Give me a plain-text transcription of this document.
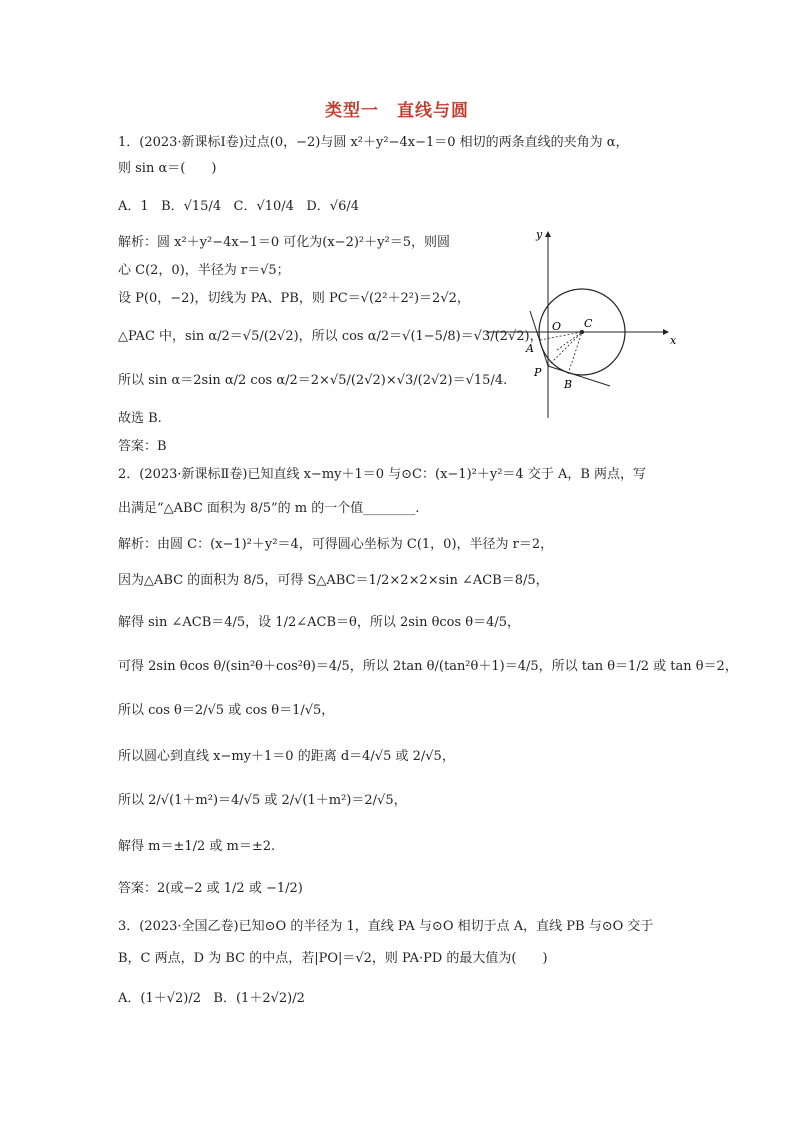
类型一　直线与圆
1．(2023·新课标Ⅰ卷)过点(0，−2)与圆 x²＋y²−4x−1＝0 相切的两条直线的夹角为 α，
则 sin α＝(　　)
A．1 B．√15/4 C．√10/4 D．√6/4
解析：圆 x²＋y²−4x−1＝0 可化为(x−2)²＋y²＝5，则圆
心 C(2，0)，半径为 r＝√5；
设 P(0，−2)，切线为 PA、PB，则 PC＝√(2²＋2²)＝2√2，
△PAC 中，sin α/2＝√5/(2√2)，所以 cos α/2＝√(1−5/8)＝√3/(2√2)，
所以 sin α＝2sin α/2 cos α/2＝2×√5/(2√2)×√3/(2√2)＝√15/4.
故选 B.
答案：B
x
y
O C
A
B
P
2．(2023·新课标Ⅱ卷)已知直线 x−my＋1＝0 与⊙C：(x−1)²＋y²＝4 交于 A，B 两点，写
出满足“△ABC 面积为 8/5”的 m 的一个值________.
解析：由圆 C：(x−1)²＋y²＝4，可得圆心坐标为 C(1，0)，半径为 r＝2，
因为△ABC 的面积为 8/5，可得 S△ABC＝1/2×2×2×sin ∠ACB＝8/5，
解得 sin ∠ACB＝4/5，设 1/2∠ACB＝θ，所以 2sin θcos θ＝4/5，
可得 2sin θcos θ/(sin²θ＋cos²θ)＝4/5，所以 2tan θ/(tan²θ＋1)＝4/5，所以 tan θ＝1/2 或 tan θ＝2，
所以 cos θ＝2/√5 或 cos θ＝1/√5，
所以圆心到直线 x−my＋1＝0 的距离 d＝4/√5 或 2/√5，
所以 2/√(1＋m²)＝4/√5 或 2/√(1＋m²)＝2/√5，
解得 m＝±1/2 或 m＝±2.
答案：2(或−2 或 1/2 或 −1/2)
3．(2023·全国乙卷)已知⊙O 的半径为 1，直线 PA 与⊙O 相切于点 A，直线 PB 与⊙O 交于
B，C 两点，D 为 BC 的中点，若|PO|＝√2，则 PA·PD 的最大值为(　　)
A．(1＋√2)/2 B．(1＋2√2)/2
